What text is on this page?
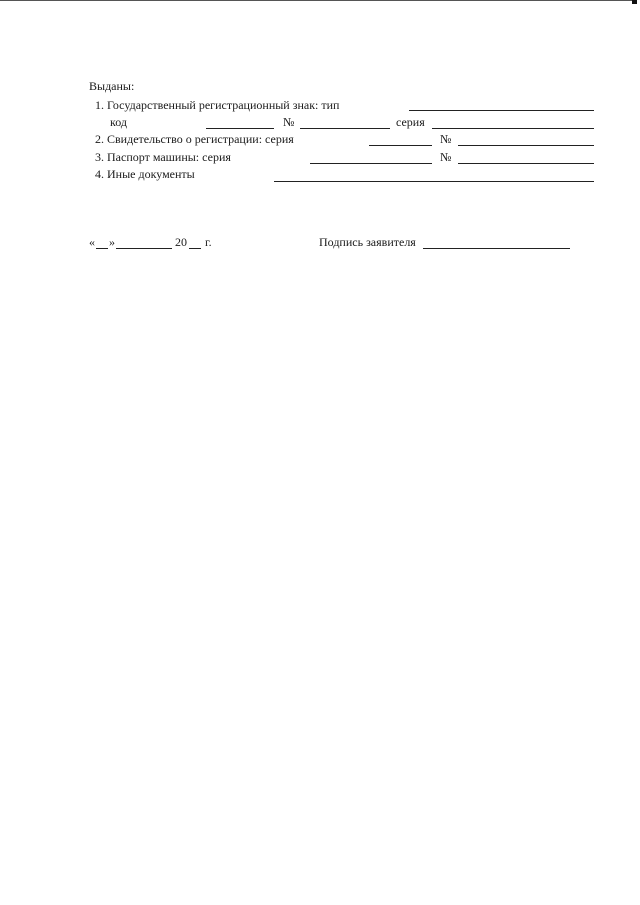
Выданы:
1. Государственный регистрационный знак: тип
код	№	серия
2. Свидетельство о регистрации: серия	№
3. Паспорт машины: серия	№
4. Иные документы
« »	20 г.	Подпись заявителя
